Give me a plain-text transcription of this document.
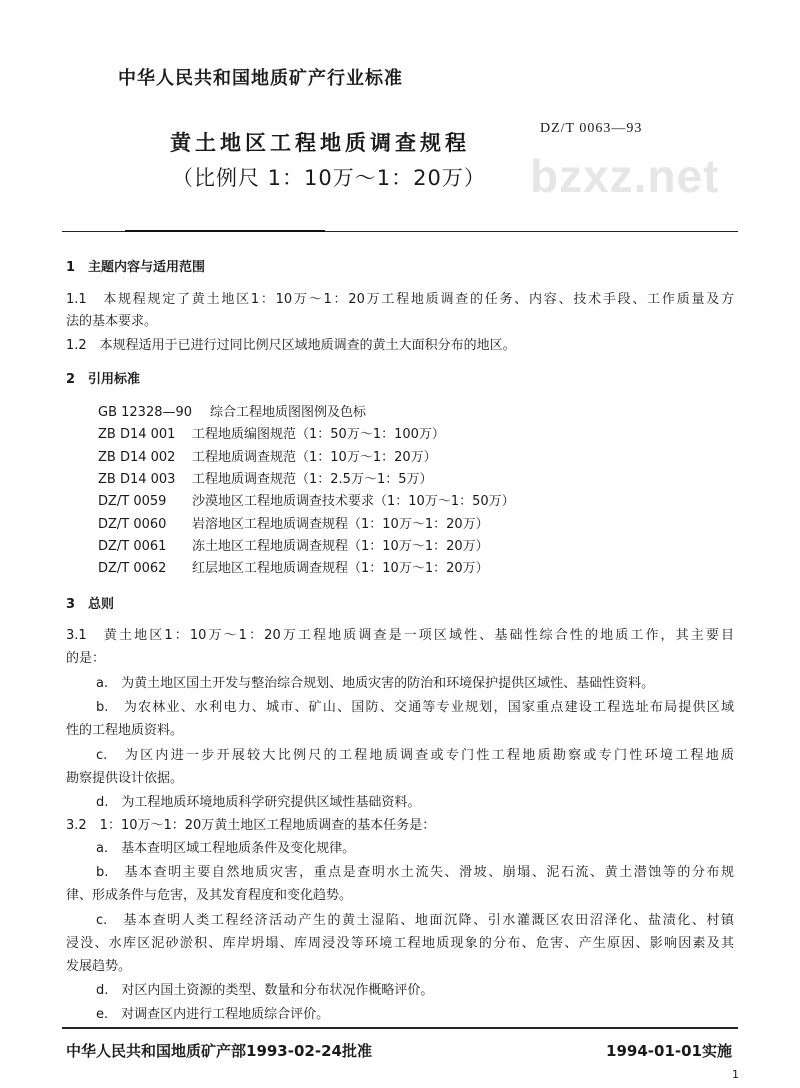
bzxz.net
中华人民共和国地质矿产行业标准
黄土地区工程地质调查规程
（比例尺 1：10万～1：20万）
DZ/T 0063—93
1　主题内容与适用范围
1.1　本规程规定了黄土地区1：10万～1：20万工程地质调查的任务、内容、技术手段、工作质量及方
法的基本要求。
1.2　本规程适用于已进行过同比例尺区域地质调查的黄土大面积分布的地区。
2　引用标准
GB 12328—90 综合工程地质图图例及色标
ZB D14 001 工程地质编图规范（1：50万～1：100万）
ZB D14 002 工程地质调查规范（1：10万～1：20万）
ZB D14 003 工程地质调查规范（1：2.5万～1：5万）
DZ/T 0059 沙漠地区工程地质调查技术要求（1：10万～1：50万）
DZ/T 0060 岩溶地区工程地质调查规程（1：10万～1：20万）
DZ/T 0061 冻土地区工程地质调查规程（1：10万～1：20万）
DZ/T 0062 红层地区工程地质调查规程（1：10万～1：20万）
3　总则
3.1　黄土地区1：10万～1：20万工程地质调查是一项区域性、基础性综合性的地质工作，其主要目
的是：
a.　为黄土地区国土开发与整治综合规划、地质灾害的防治和环境保护提供区域性、基础性资料。
b.　为农林业、水利电力、城市、矿山、国防、交通等专业规划，国家重点建设工程选址布局提供区域
性的工程地质资料。
c.　为区内进一步开展较大比例尺的工程地质调查或专门性工程地质勘察或专门性环境工程地质
勘察提供设计依据。
d.　为工程地质环境地质科学研究提供区域性基础资料。
3.2　1：10万～1：20万黄土地区工程地质调查的基本任务是：
a.　基本查明区域工程地质条件及变化规律。
b.　基本查明主要自然地质灾害，重点是查明水土流失、滑坡、崩塌、泥石流、黄土潜蚀等的分布规
律、形成条件与危害，及其发育程度和变化趋势。
c.　基本查明人类工程经济活动产生的黄土湿陷、地面沉降、引水灌溉区农田沼泽化、盐渍化、村镇
浸没、水库区泥砂淤积、库岸坍塌、库周浸没等环境工程地质现象的分布、危害、产生原因、影响因素及其
发展趋势。
d.　对区内国土资源的类型、数量和分布状况作概略评价。
e.　对调查区内进行工程地质综合评价。
中华人民共和国地质矿产部1993-02-24批准	1994-01-01实施
1
